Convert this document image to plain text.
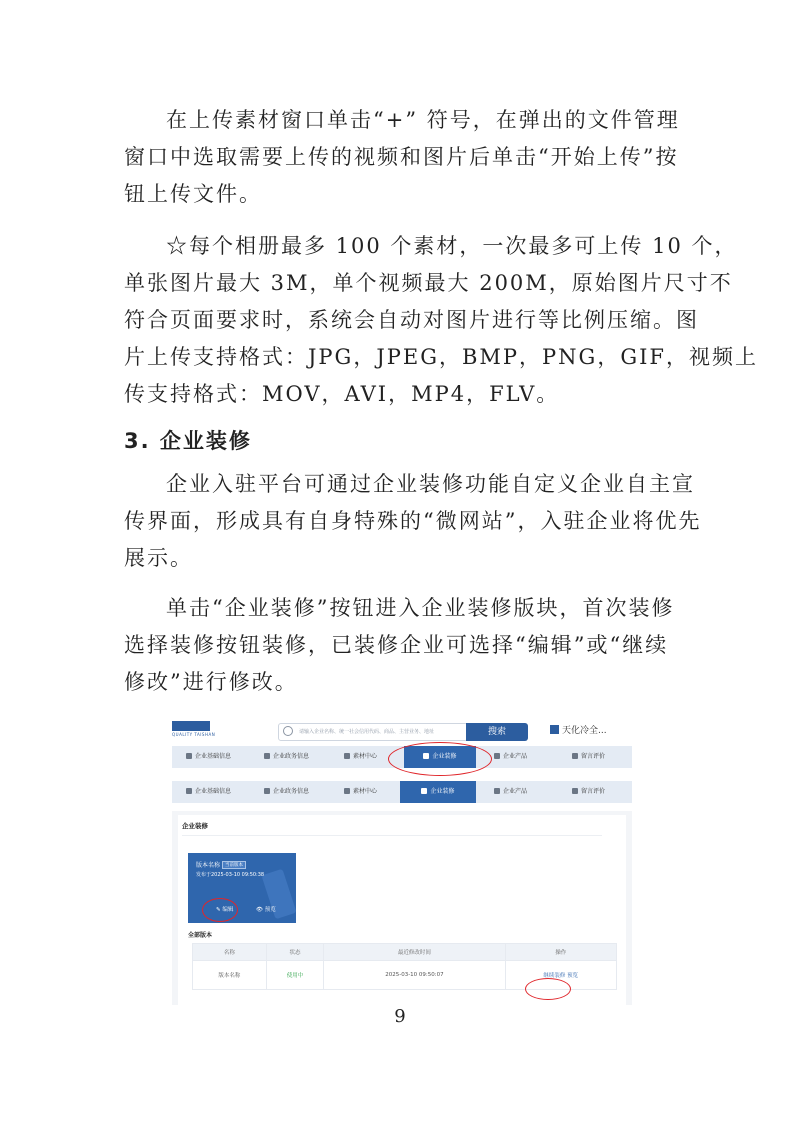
在上传素材窗口单击“+” 符号，在弹出的文件管理
窗口中选取需要上传的视频和图片后单击“开始上传”按
钮上传文件。
☆每个相册最多 100 个素材，一次最多可上传 10 个，
单张图片最大 3M，单个视频最大 200M，原始图片尺寸不
符合页面要求时，系统会自动对图片进行等比例压缩。图
片上传支持格式：JPG，JPEG，BMP，PNG，GIF，视频上
传支持格式：MOV，AVI，MP4，FLV。
3. 企业装修
企业入驻平台可通过企业装修功能自定义企业自主宣
传界面，形成具有自身特殊的“微网站”，入驻企业将优先
展示。
单击“企业装修”按钮进入企业装修版块，首次装修
选择装修按钮装修，已装修企业可选择“编辑”或“继续
修改”进行修改。
QUALITY TAISHAN	请输入企业名称、统一社会信用代码、商品、主营业务、地址	搜索	天化冷全...
企业基础信息	企业政务信息	素材中心	企业装修	企业产品	留言评价
企业基础信息	企业政务信息	素材中心	企业装修	企业产品	留言评价
企业装修
版本名称 当前版本
发布于2025-03-10 09:50:38
✎ 编辑	👁 预览
全部版本
名称	状态	最近修改时间	操作
版本名称	使用中	2025-03-10 09:50:07	继续装修 预览
9
